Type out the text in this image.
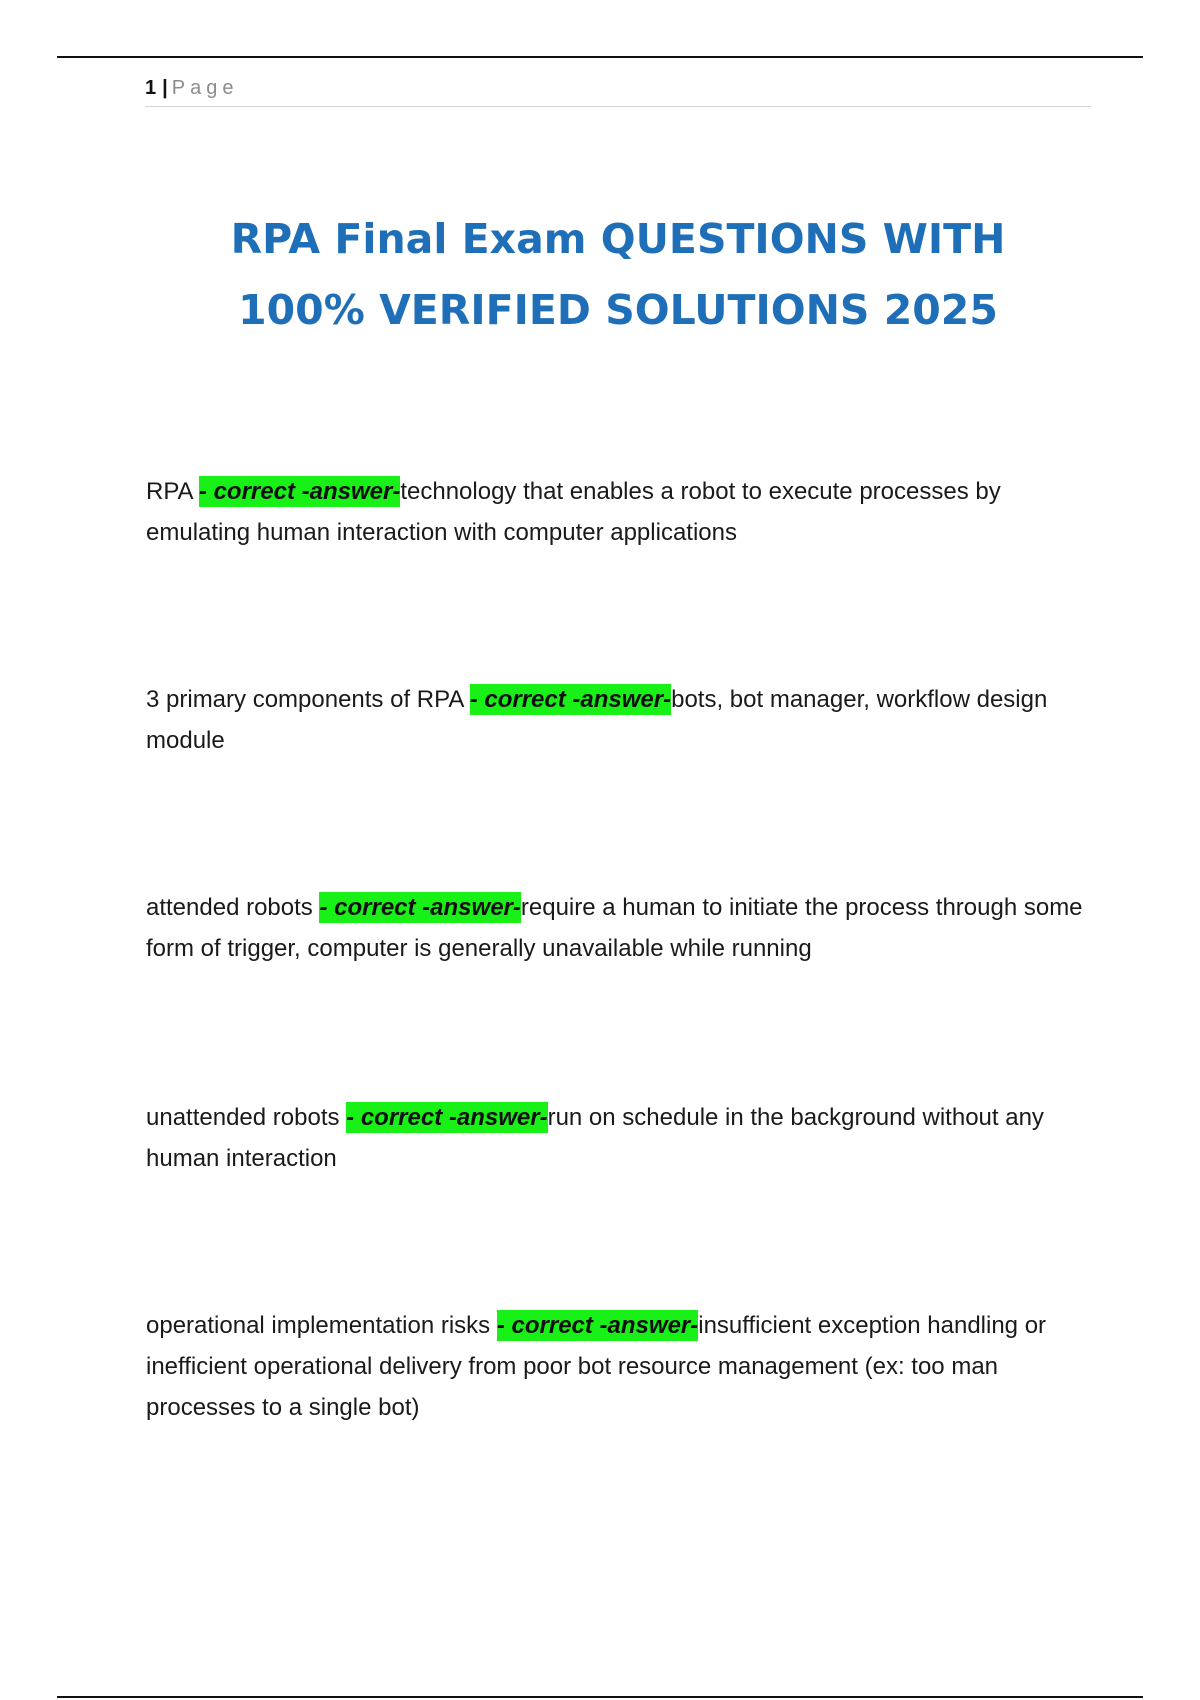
1 | Page
RPA Final Exam QUESTIONS WITH
100% VERIFIED SOLUTIONS 2025

RPA - correct -answer-technology that enables a robot to execute processes by emulating human interaction with computer applications

3 primary components of RPA - correct -answer-bots, bot manager, workflow design module

attended robots - correct -answer-require a human to initiate the process through some form of trigger, computer is generally unavailable while running

unattended robots - correct -answer-run on schedule in the background without any human interaction

operational implementation risks - correct -answer-insufficient exception handling or inefficient operational delivery from poor bot resource management (ex: too man processes to a single bot)
